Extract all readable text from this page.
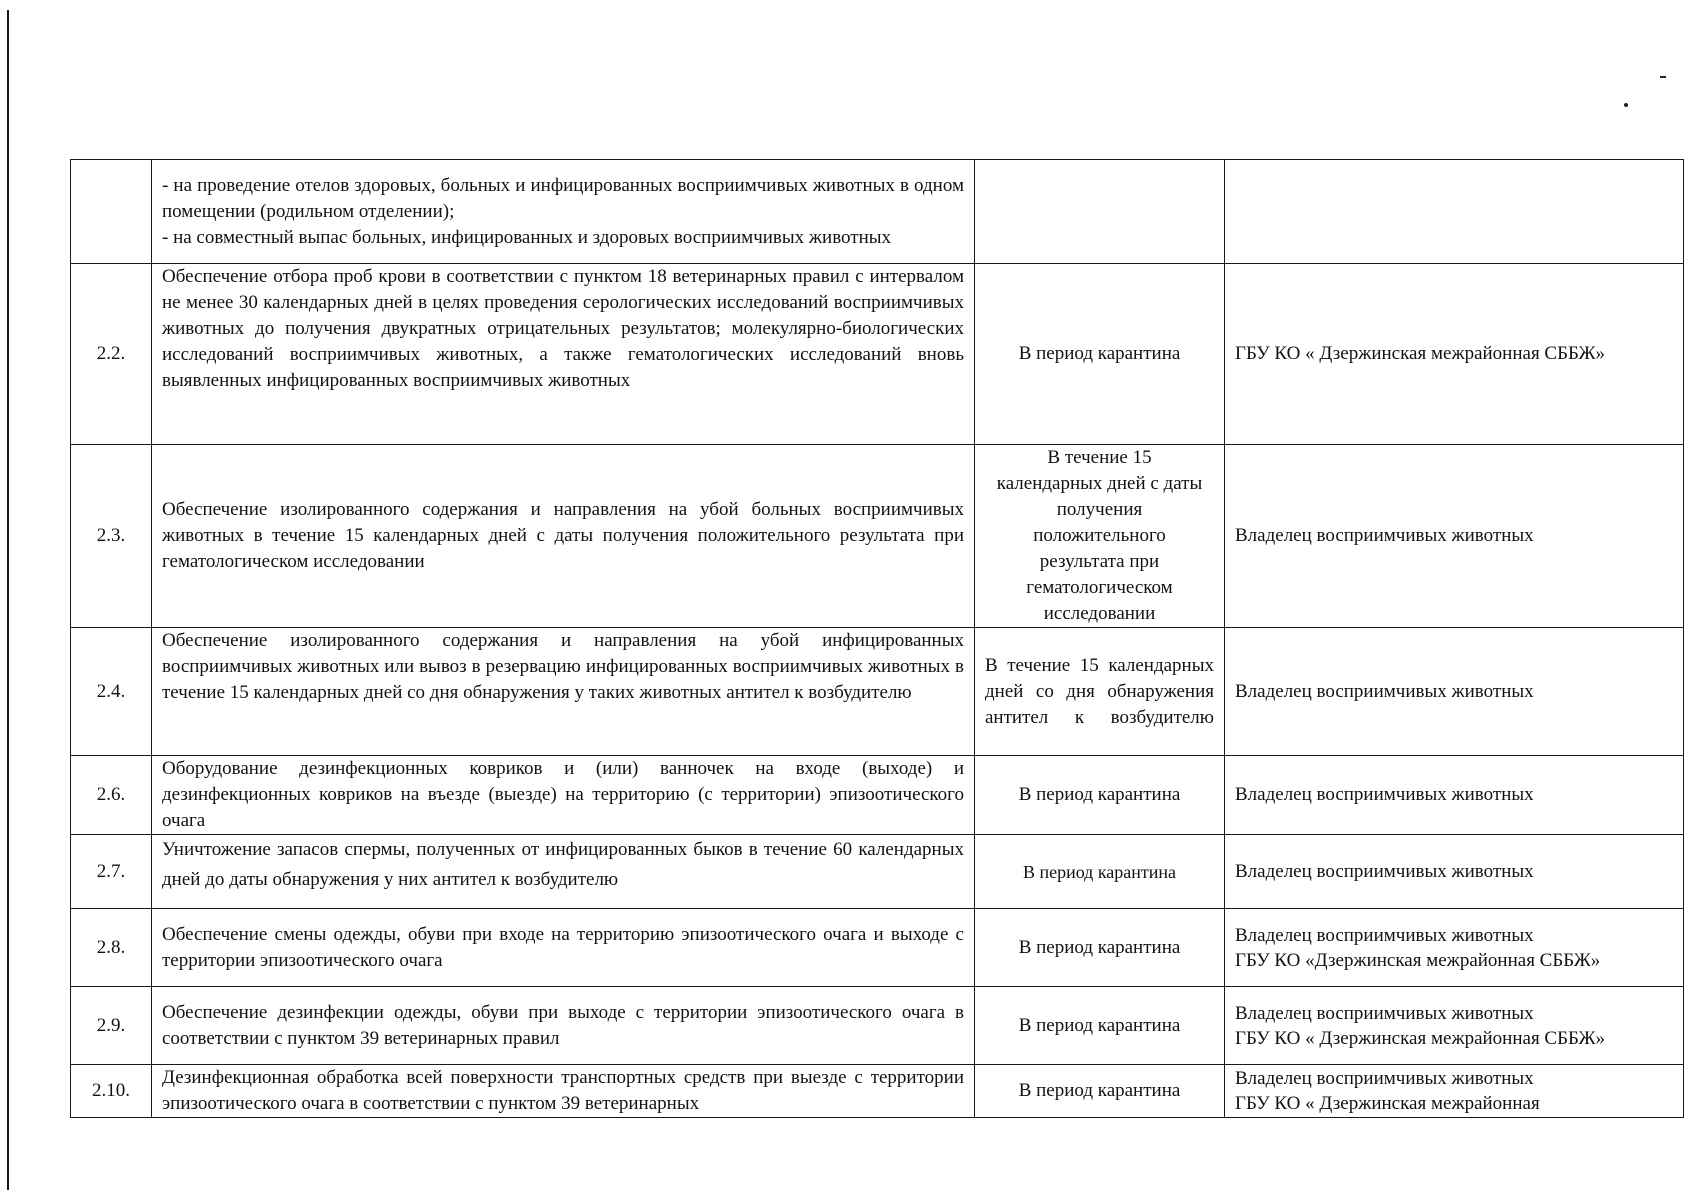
	- на проведение отелов здоровых, больных и инфицированных восприимчивых животных в одном помещении (родильном отделении);
- на совместный выпас больных, инфицированных и здоровых восприимчивых животных		

2.2.	Обеспечение отбора проб крови в соответствии с пунктом 18 ветеринарных правил с интервалом не менее 30 календарных дней в целях проведения серологических исследований восприимчивых животных до получения двукратных отрицательных результатов; молекулярно-биологических исследований восприимчивых животных, а также гематологических исследований вновь выявленных инфицированных восприимчивых животных	В период карантина	ГБУ КО « Дзержинская межрайонная СББЖ»

2.3.	Обеспечение изолированного содержания и направления на убой больных восприимчивых животных в течение 15 календарных дней с даты получения положительного результата при гематологическом исследовании	В течение 15 календарных дней с даты получения положительного результата при гематологическом исследовании	Владелец восприимчивых животных

2.4.	Обеспечение изолированного содержания и направления на убой инфицированных восприимчивых животных или вывоз в резервацию инфицированных восприимчивых животных в течение 15 календарных дней со дня обнаружения у таких животных антител к возбудителю	В течение 15 календарных дней со дня обнаружения антител к возбудителю	Владелец восприимчивых животных

2.6.	Оборудование дезинфекционных ковриков и (или) ванночек на входе (выходе) и дезинфекционных ковриков на въезде (выезде) на территорию (с территории) эпизоотического очага	В период карантина	Владелец восприимчивых животных

2.7.	Уничтожение запасов спермы, полученных от инфицированных быков в течение 60 календарных дней до даты обнаружения у них антител к возбудителю	В период карантина	Владелец восприимчивых животных

2.8.	Обеспечение смены одежды, обуви при входе на территорию эпизоотического очага и выходе с территории эпизоотического очага	В период карантина	Владелец восприимчивых животных
ГБУ КО «Дзержинская межрайонная СББЖ»

2.9.	Обеспечение дезинфекции одежды, обуви при выходе с территории эпизоотического очага в соответствии с пунктом 39 ветеринарных правил	В период карантина	Владелец восприимчивых животных
ГБУ КО « Дзержинская межрайонная СББЖ»

2.10.	Дезинфекционная обработка всей поверхности транспортных средств при выезде с территории эпизоотического очага в соответствии с пунктом 39 ветеринарных	В период карантина	Владелец восприимчивых животных
ГБУ КО « Дзержинская межрайонная
